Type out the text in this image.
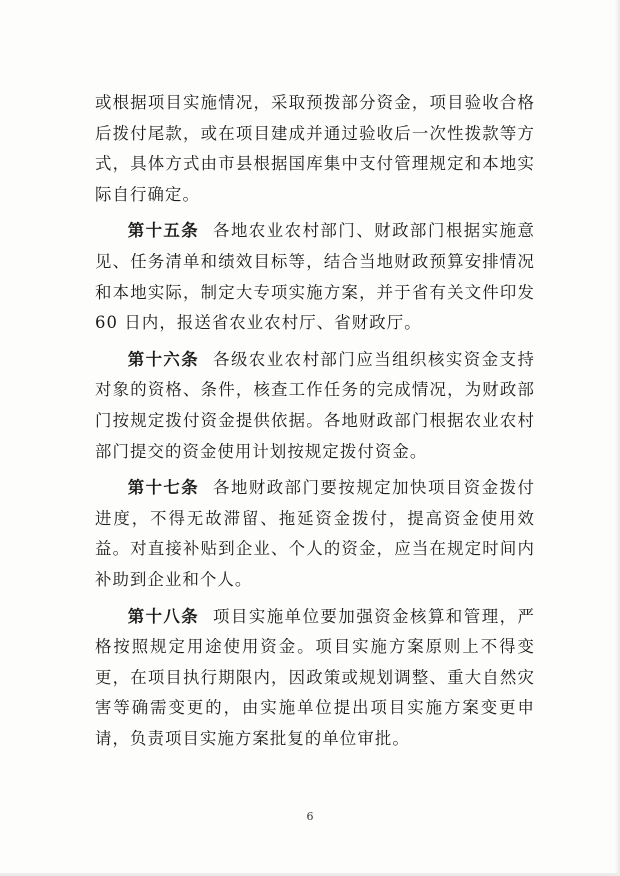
或根据项目实施情况，采取预拨部分资金，项目验收合格后拨付尾款，或在项目建成并通过验收后一次性拨款等方式，具体方式由市县根据国库集中支付管理规定和本地实际自行确定。

第十五条 各地农业农村部门、财政部门根据实施意见、任务清单和绩效目标等，结合当地财政预算安排情况和本地实际，制定大专项实施方案，并于省有关文件印发 60 日内，报送省农业农村厅、省财政厅。

第十六条 各级农业农村部门应当组织核实资金支持对象的资格、条件，核查工作任务的完成情况，为财政部门按规定拨付资金提供依据。各地财政部门根据农业农村部门提交的资金使用计划按规定拨付资金。

第十七条 各地财政部门要按规定加快项目资金拨付进度，不得无故滞留、拖延资金拨付，提高资金使用效益。对直接补贴到企业、个人的资金，应当在规定时间内补助到企业和个人。

第十八条 项目实施单位要加强资金核算和管理，严格按照规定用途使用资金。项目实施方案原则上不得变更，在项目执行期限内，因政策或规划调整、重大自然灾害等确需变更的，由实施单位提出项目实施方案变更申请，负责项目实施方案批复的单位审批。

6
